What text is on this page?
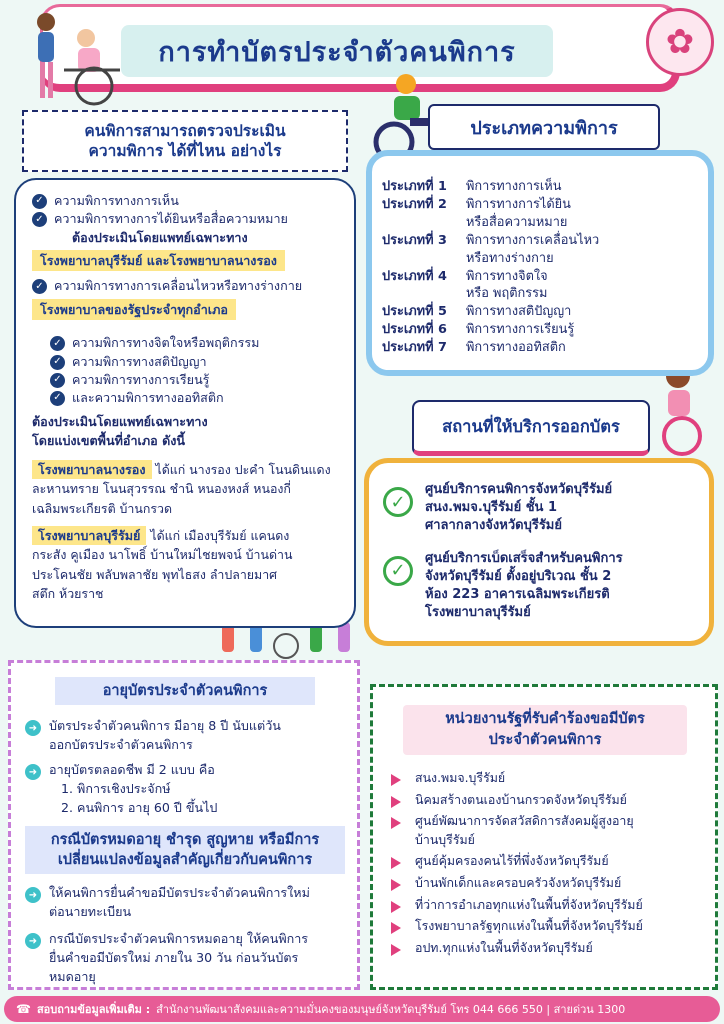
การทำบัตรประจำตัวคนพิการ	✿
คนพิการสามารถตรวจประเมิน
ความพิการ ได้ที่ไหน อย่างไร
✓ ความพิการทางการเห็น
✓ ความพิการทางการได้ยินหรือสื่อความหมาย
ต้องประเมินโดยแพทย์เฉพาะทาง
โรงพยาบาลบุรีรัมย์ และโรงพยาบาลนางรอง
✓ ความพิการทางการเคลื่อนไหวหรือทางร่างกาย
โรงพยาบาลของรัฐประจำทุกอำเภอ
✓ ความพิการทางจิตใจหรือพฤติกรรม
✓ ความพิการทางสติปัญญา
✓ ความพิการทางการเรียนรู้
✓ และความพิการทางออทิสติก
ต้องประเมินโดยแพทย์เฉพาะทาง
โดยแบ่งเขตพื้นที่อำเภอ ดังนี้
โรงพยาบาลนางรอง ได้แก่ นางรอง ปะคำ โนนดินแดง
ละหานทราย โนนสุวรรณ ชำนิ หนองหงส์ หนองกี่
เฉลิมพระเกียรติ บ้านกรวด
โรงพยาบาลบุรีรัมย์ ได้แก่ เมืองบุรีรัมย์ แคนดง
กระสัง คูเมือง นาโพธิ์ บ้านใหม่ไชยพจน์ บ้านด่าน
ประโคนชัย พลับพลาชัย พุทไธสง ลำปลายมาศ
สตึก ห้วยราช
ประเภทที่ 1	พิการทางการเห็น
ประเภทที่ 2	พิการทางการได้ยิน
หรือสื่อความหมาย
ประเภทที่ 3	พิการทางการเคลื่อนไหว
หรือทางร่างกาย
ประเภทที่ 4	พิการทางจิตใจ
หรือ พฤติกรรม
ประเภทที่ 5	พิการทางสติปัญญา
ประเภทที่ 6	พิการทางการเรียนรู้
ประเภทที่ 7	พิการทางออทิสติก
ประเภทความพิการ
✓
ศูนย์บริการคนพิการจังหวัดบุรีรัมย์
สนง.พมจ.บุรีรัมย์ ชั้น 1
ศาลากลางจังหวัดบุรีรัมย์
✓
ศูนย์บริการเบ็ดเสร็จสำหรับคนพิการ
จังหวัดบุรีรัมย์ ตั้งอยู่บริเวณ ชั้น 2
ห้อง 223 อาคารเฉลิมพระเกียรติ
โรงพยาบาลบุรีรัมย์
สถานที่ให้บริการออกบัตร
อายุบัตรประจำตัวคนพิการ
➜ บัตรประจำตัวคนพิการ มีอายุ 8 ปี นับแต่วัน
ออกบัตรประจำตัวคนพิการ
➜ อายุบัตรตลอดชีพ มี 2 แบบ คือ
1. พิการเชิงประจักษ์
2. คนพิการ อายุ 60 ปี ขึ้นไป
กรณีบัตรหมดอายุ ชำรุด สูญหาย หรือมีการ
เปลี่ยนแปลงข้อมูลสำคัญเกี่ยวกับคนพิการ
➜ ให้คนพิการยื่นคำขอมีบัตรประจำตัวคนพิการใหม่
ต่อนายทะเบียน
➜ กรณีบัตรประจำตัวคนพิการหมดอายุ ให้คนพิการ
ยื่นคำขอมีบัตรใหม่ ภายใน 30 วัน ก่อนวันบัตร
หมดอายุ
หน่วยงานรัฐที่รับคำร้องขอมีบัตร
ประจำตัวคนพิการ
สนง.พมจ.บุรีรัมย์
นิคมสร้างตนเองบ้านกรวดจังหวัดบุรีรัมย์
ศูนย์พัฒนาการจัดสวัสดิการสังคมผู้สูงอายุ
บ้านบุรีรัมย์
ศูนย์คุ้มครองคนไร้ที่พึ่งจังหวัดบุรีรัมย์
บ้านพักเด็กและครอบครัวจังหวัดบุรีรัมย์
ที่ว่าการอำเภอทุกแห่งในพื้นที่จังหวัดบุรีรัมย์
โรงพยาบาลรัฐทุกแห่งในพื้นที่จังหวัดบุรีรัมย์
อปท.ทุกแห่งในพื้นที่จังหวัดบุรีรัมย์
☎ สอบถามข้อมูลเพิ่มเติม : สำนักงานพัฒนาสังคมและความมั่นคงของมนุษย์จังหวัดบุรีรัมย์ โทร 044 666 550 | สายด่วน 1300
